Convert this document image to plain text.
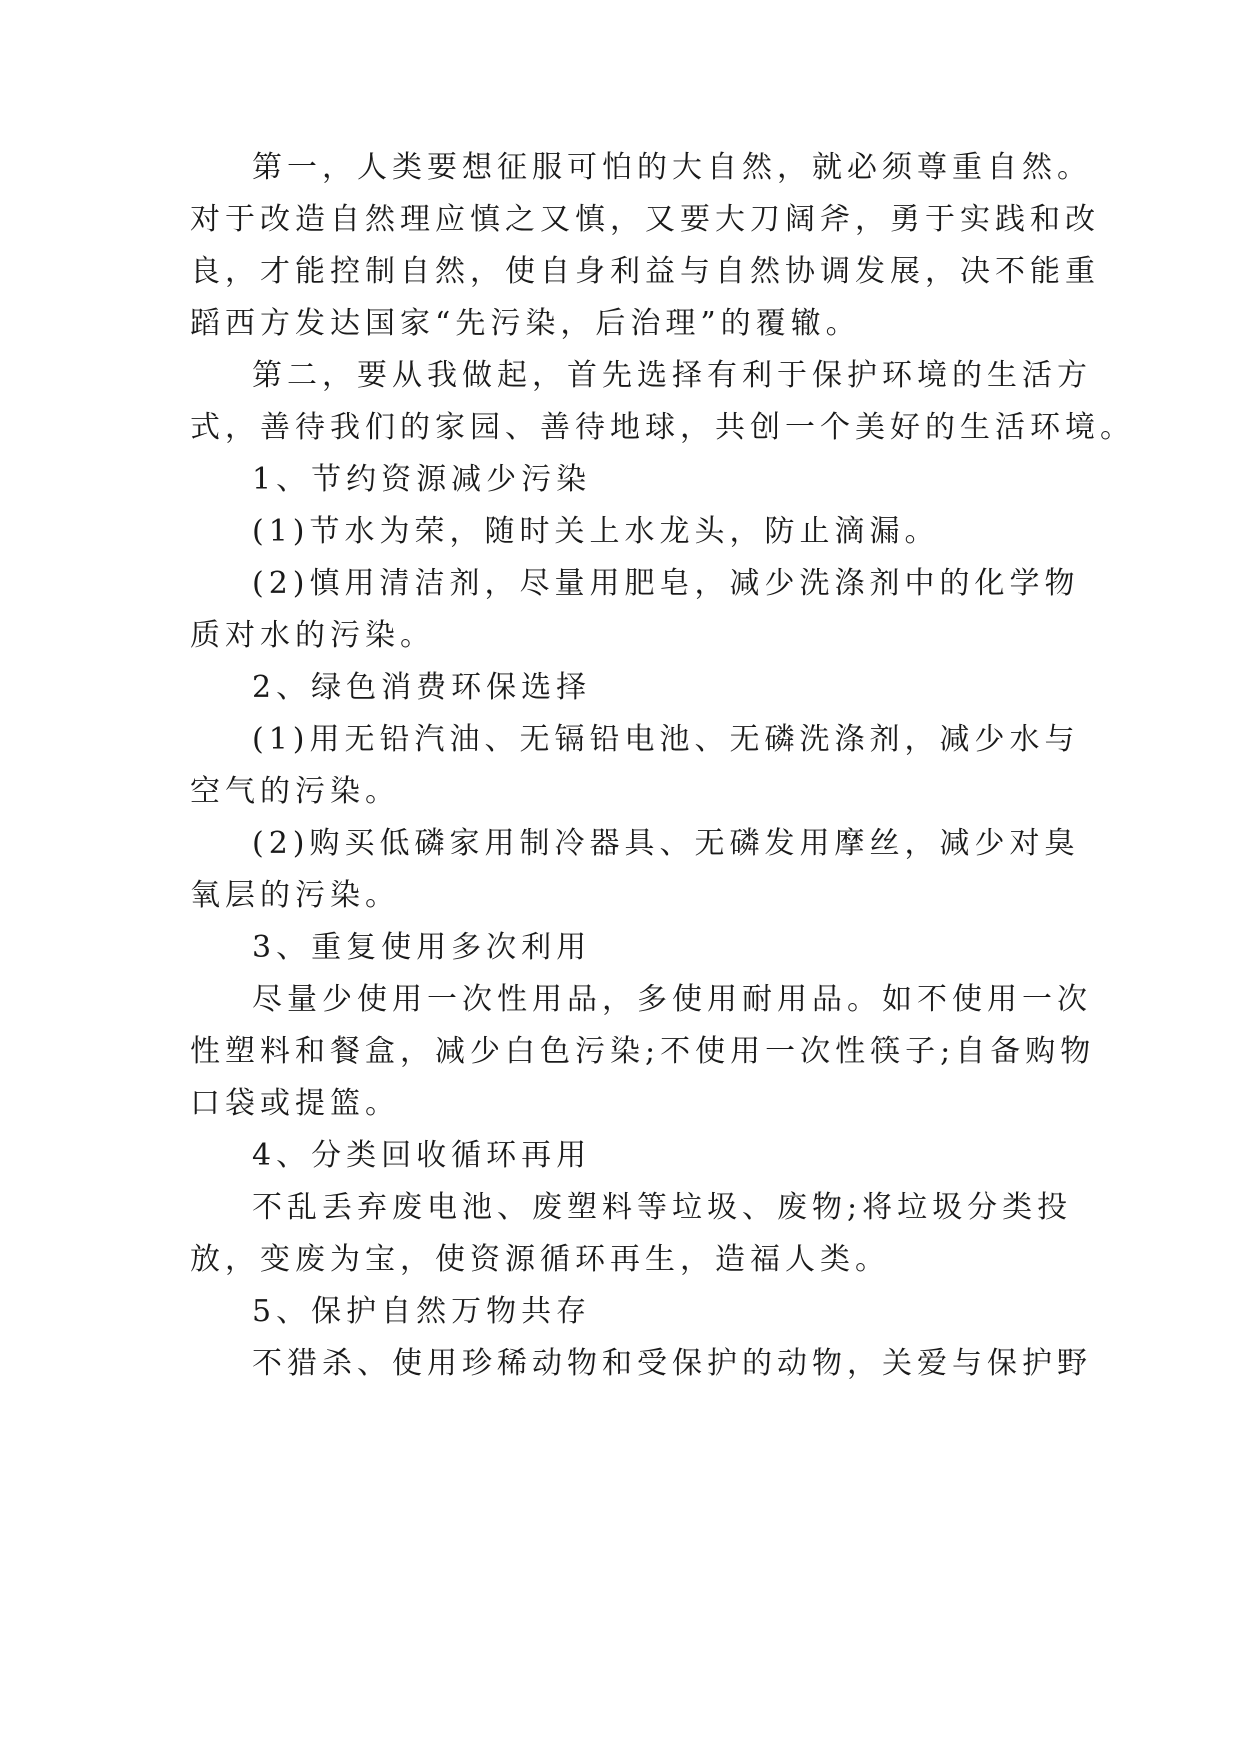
第一，人类要想征服可怕的大自然，就必须尊重自然。
对于改造自然理应慎之又慎，又要大刀阔斧，勇于实践和改
良，才能控制自然，使自身利益与自然协调发展，决不能重
蹈西方发达国家“先污染，后治理”的覆辙。
第二，要从我做起，首先选择有利于保护环境的生活方
式，善待我们的家园、善待地球，共创一个美好的生活环境。
1、节约资源减少污染
(1)节水为荣，随时关上水龙头，防止滴漏。
(2)慎用清洁剂，尽量用肥皂，减少洗涤剂中的化学物
质对水的污染。
2、绿色消费环保选择
(1)用无铅汽油、无镉铅电池、无磷洗涤剂，减少水与
空气的污染。
(2)购买低磷家用制冷器具、无磷发用摩丝，减少对臭
氧层的污染。
3、重复使用多次利用
尽量少使用一次性用品，多使用耐用品。如不使用一次
性塑料和餐盒，减少白色污染;不使用一次性筷子;自备购物
口袋或提篮。
4、分类回收循环再用
不乱丢弃废电池、废塑料等垃圾、废物;将垃圾分类投
放，变废为宝，使资源循环再生，造福人类。
5、保护自然万物共存
不猎杀、使用珍稀动物和受保护的动物，关爱与保护野
